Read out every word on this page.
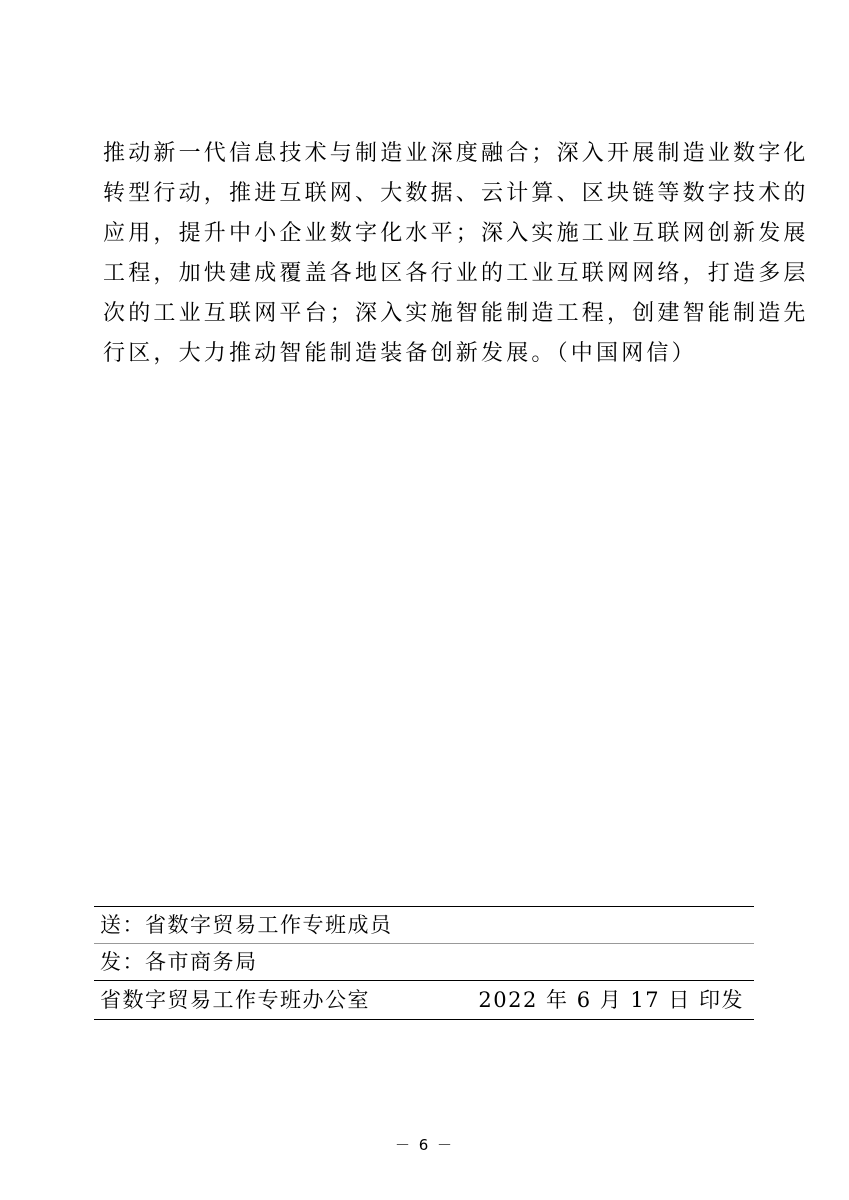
推动新一代信息技术与制造业深度融合；深入开展制造业数字化
转型行动，推进互联网、大数据、云计算、区块链等数字技术的
应用，提升中小企业数字化水平；深入实施工业互联网创新发展
工程，加快建成覆盖各地区各行业的工业互联网网络，打造多层
次的工业互联网平台；深入实施智能制造工程，创建智能制造先
行区，大力推动智能制造装备创新发展。（中国网信）
送：省数字贸易工作专班成员
发：各市商务局
省数字贸易工作专班办公室	2022 年 6 月 17 日 印发
－ 6 －
